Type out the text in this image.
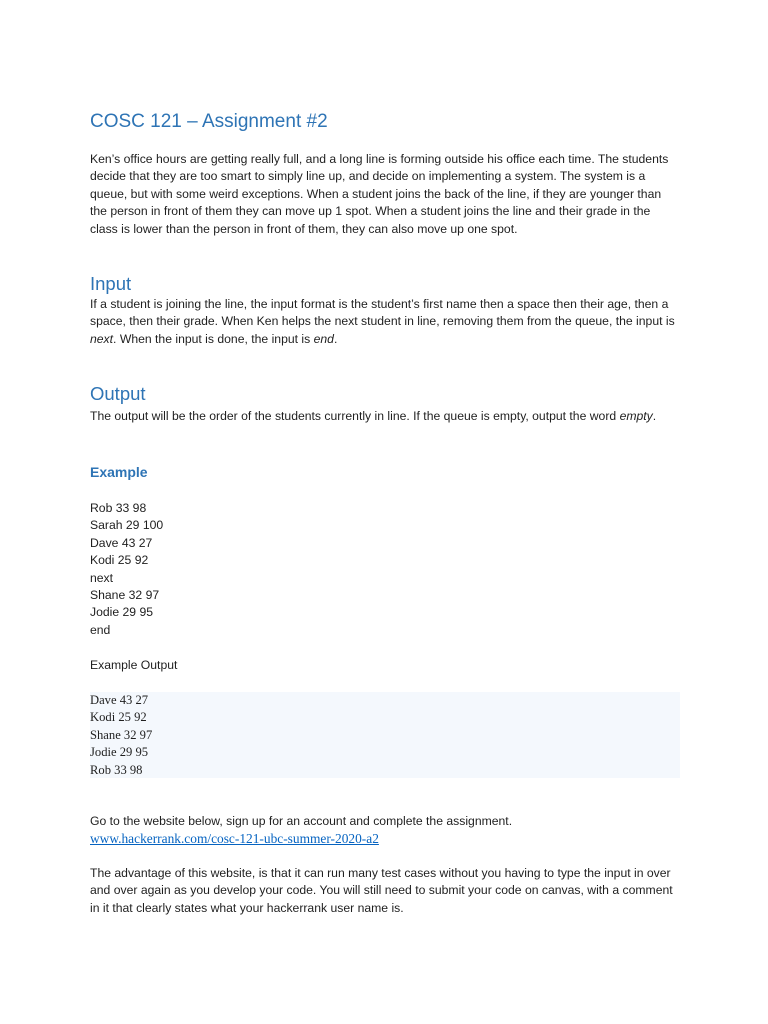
COSC 121 – Assignment #2

Ken’s office hours are getting really full, and a long line is forming outside his office each time. The students decide that they are too smart to simply line up, and decide on implementing a system. The system is a queue, but with some weird exceptions. When a student joins the back of the line, if they are younger than the person in front of them they can move up 1 spot. When a student joins the line and their grade in the class is lower than the person in front of them, they can also move up one spot.

Input

If a student is joining the line, the input format is the student’s first name then a space then their age, then a space, then their grade. When Ken helps the next student in line, removing them from the queue, the input is next. When the input is done, the input is end.

Output

The output will be the order of the students currently in line. If the queue is empty, output the word empty.

Example
Rob 33 98
Sarah 29 100
Dave 43 27
Kodi 25 92
next
Shane 32 97
Jodie 29 95
end
Example Output
Dave 43 27
Kodi 25 92
Shane 32 97
Jodie 29 95
Rob 33 98

Go to the website below, sign up for an account and complete the assignment.

www.hackerrank.com/cosc-121-ubc-summer-2020-a2

The advantage of this website, is that it can run many test cases without you having to type the input in over and over again as you develop your code. You will still need to submit your code on canvas, with a comment in it that clearly states what your hackerrank user name is.
